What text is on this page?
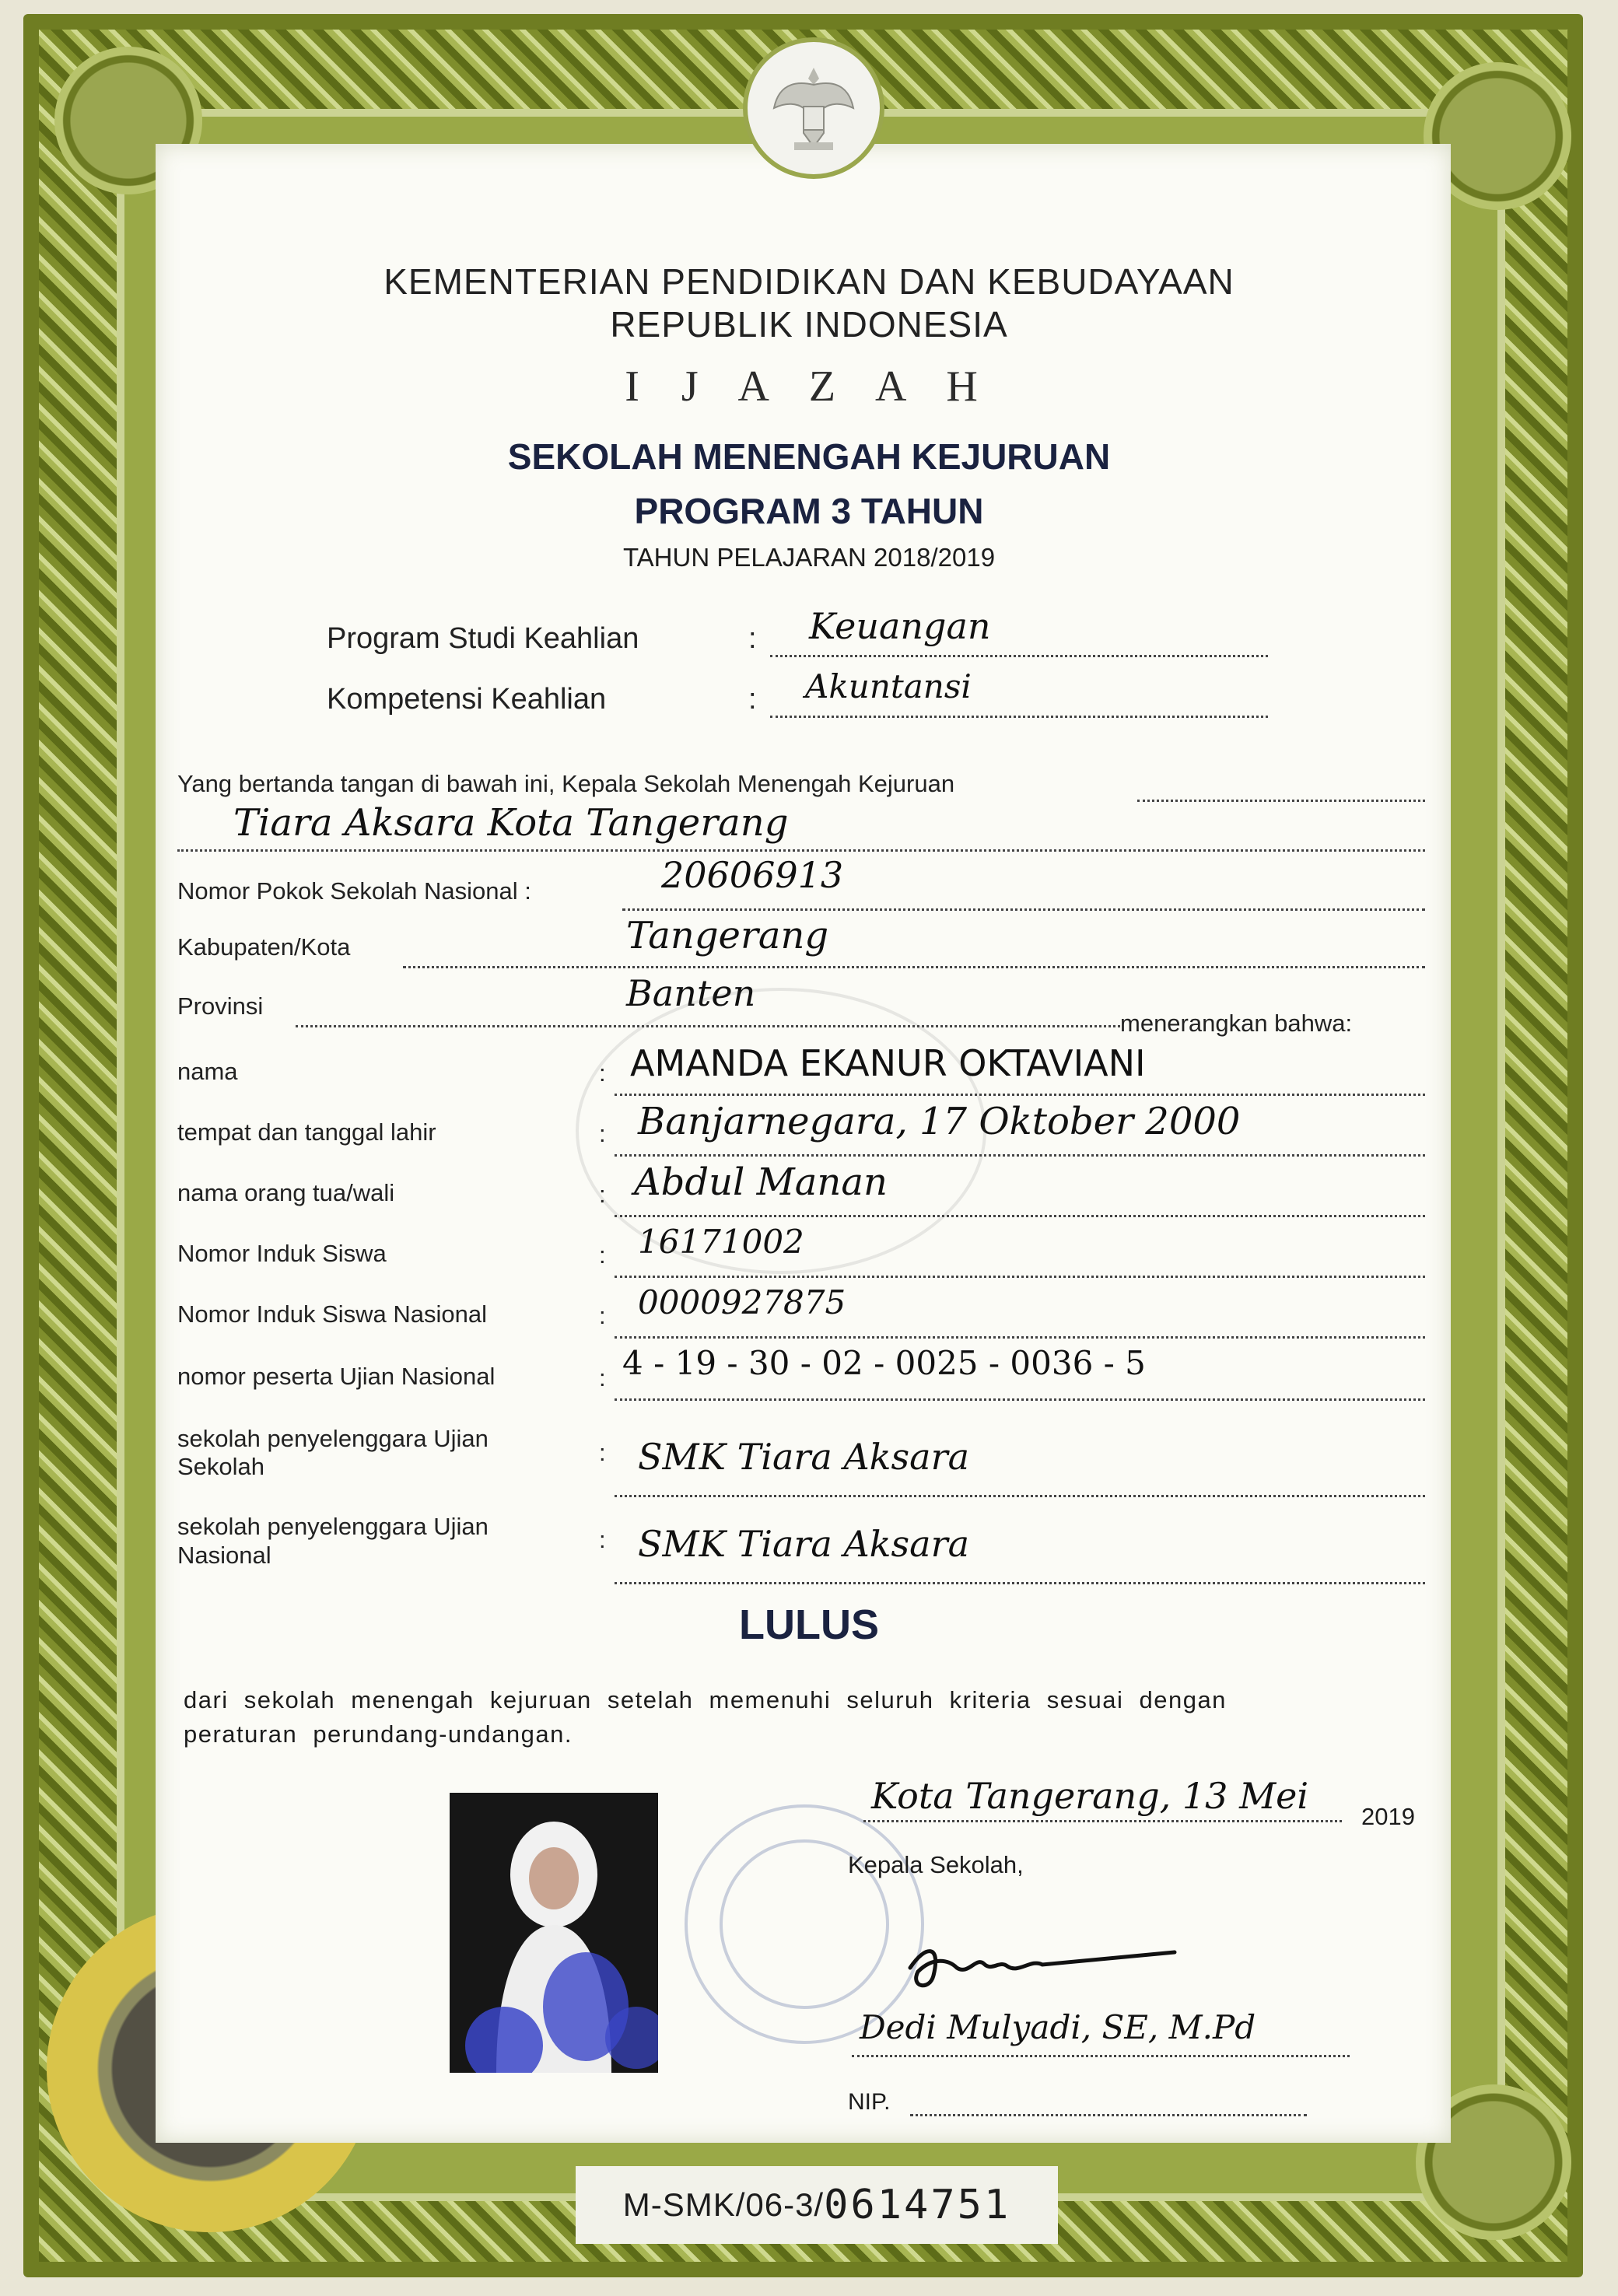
KEMENTERIAN PENDIDIKAN DAN KEBUDAYAAN
REPUBLIK INDONESIA
I J A Z A H
SEKOLAH MENENGAH KEJURUAN
PROGRAM 3 TAHUN
TAHUN PELAJARAN 2018/2019
Program Studi Keahlian	: Keuangan
Kompetensi Keahlian	: Akuntansi
Yang bertanda tangan di bawah ini, Kepala Sekolah Menengah Kejuruan
Tiara Aksara Kota Tangerang
Nomor Pokok Sekolah Nasional :	20606913
Kabupaten/Kota	Tangerang
Provinsi	Banten
menerangkan bahwa:
nama	: AMANDA EKANUR OKTAVIANI
tempat dan tanggal lahir	: Banjarnegara, 17 Oktober 2000
nama orang tua/wali	: Abdul Manan
Nomor Induk Siswa	: 16171002
Nomor Induk Siswa Nasional	: 0000927875
nomor peserta Ujian Nasional	: 4 - 19 - 30 - 02 - 0025 - 0036 - 5
sekolah penyelenggara Ujian
Sekolah
: SMK Tiara Aksara
sekolah penyelenggara Ujian
Nasional
: SMK Tiara Aksara
LULUS
dari sekolah menengah kejuruan setelah memenuhi seluruh kriteria sesuai dengan
peraturan perundang-undangan.
Kota Tangerang, 13 Mei 2019
Kepala Sekolah,
Dedi Mulyadi, SE, M.Pd
NIP.
M-SMK/06-3/ 0614751
